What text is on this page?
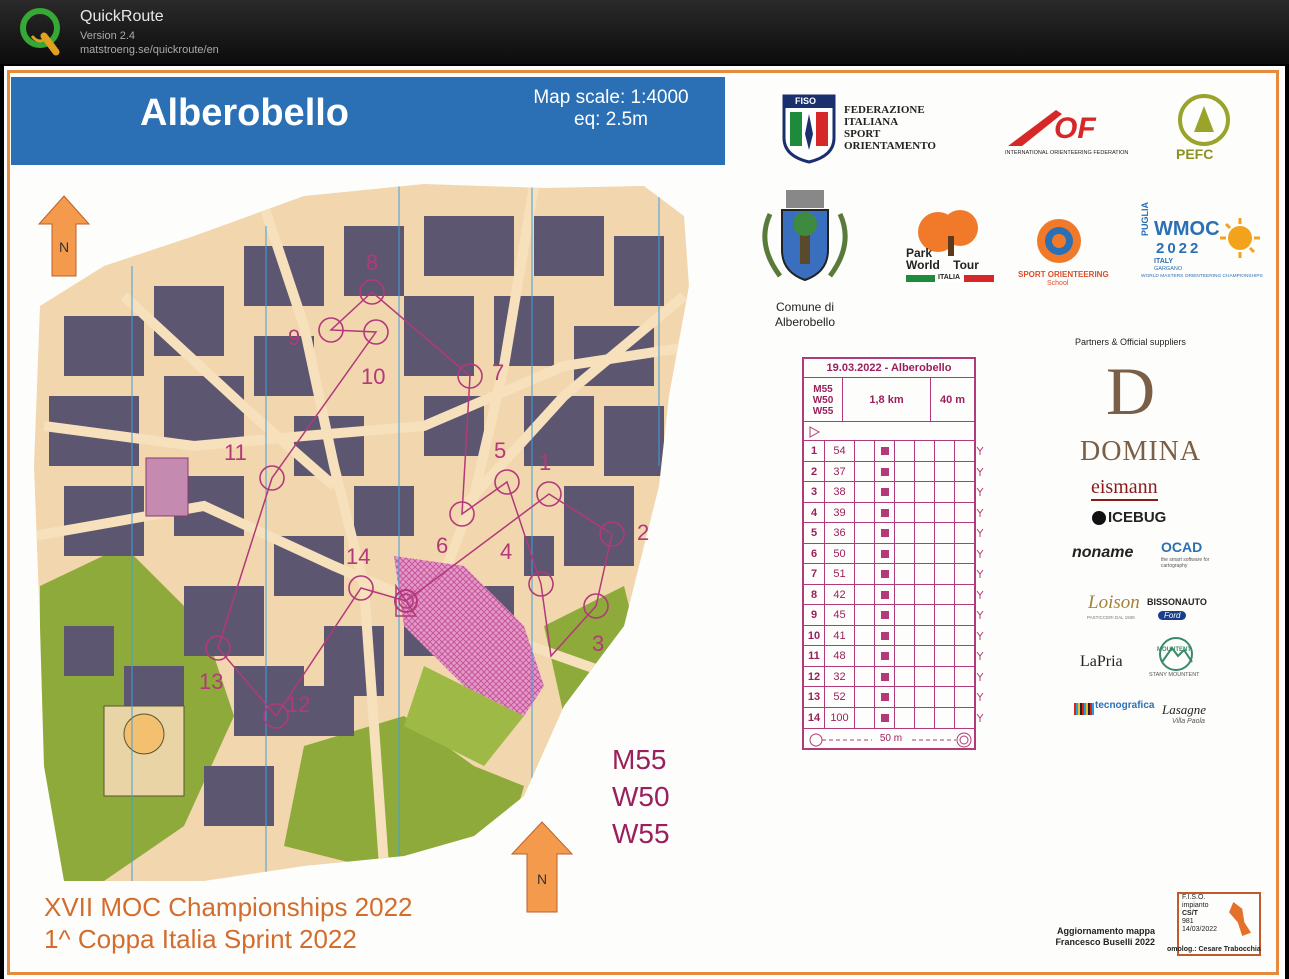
QuickRoute
Version 2.4
matstroeng.se/quickroute/en
Alberobello	Map scale: 1:4000
eq: 2.5m
N
N
1
2
3
4
5
6
7
8
9
10
11
12
13
14
M55
W50
W55
XVII MOC Championships 2022
1^ Coppa Italia Sprint 2022
FISO
FEDERAZIONE
ITALIANA
SPORT
ORIENTAMENTO
OF
INTERNATIONAL ORIENTEERING FEDERATION	PEFC
Comune di
Alberobello
Park
World Tour
ITALIA	SPORT ORIENTEERING
School
PUGLIA WMOC
2022
ITALY
GARGANO
WORLD MASTERS ORIENTEERING CHAMPIONSHIPS
Partners & Official suppliers
D
DOMINA
eismann
ICEBUG
noname OCAD
the smart software for cartography
Loison
PASTICCERI DAL 1938
BISSONAUTO
Ford
LaPria
MOUNTENT
STANY MOUNTENT
tecnografica Lasagne
Villa Paola
19.03.2022 - Alberobello
M55
W50
W55
1,8 km	40 m
1	54
2	37
3	38
4	39
5	36
6	50
7	51
8	42
9	45
10	41
11	48
12	32
13	52
14 100
50 m
Aggiornamento mappa
Francesco Buselli 2022
F.I.S.O.
impianto
CS/T
981
14/03/2022
omolog.: Cesare Trabocchia
